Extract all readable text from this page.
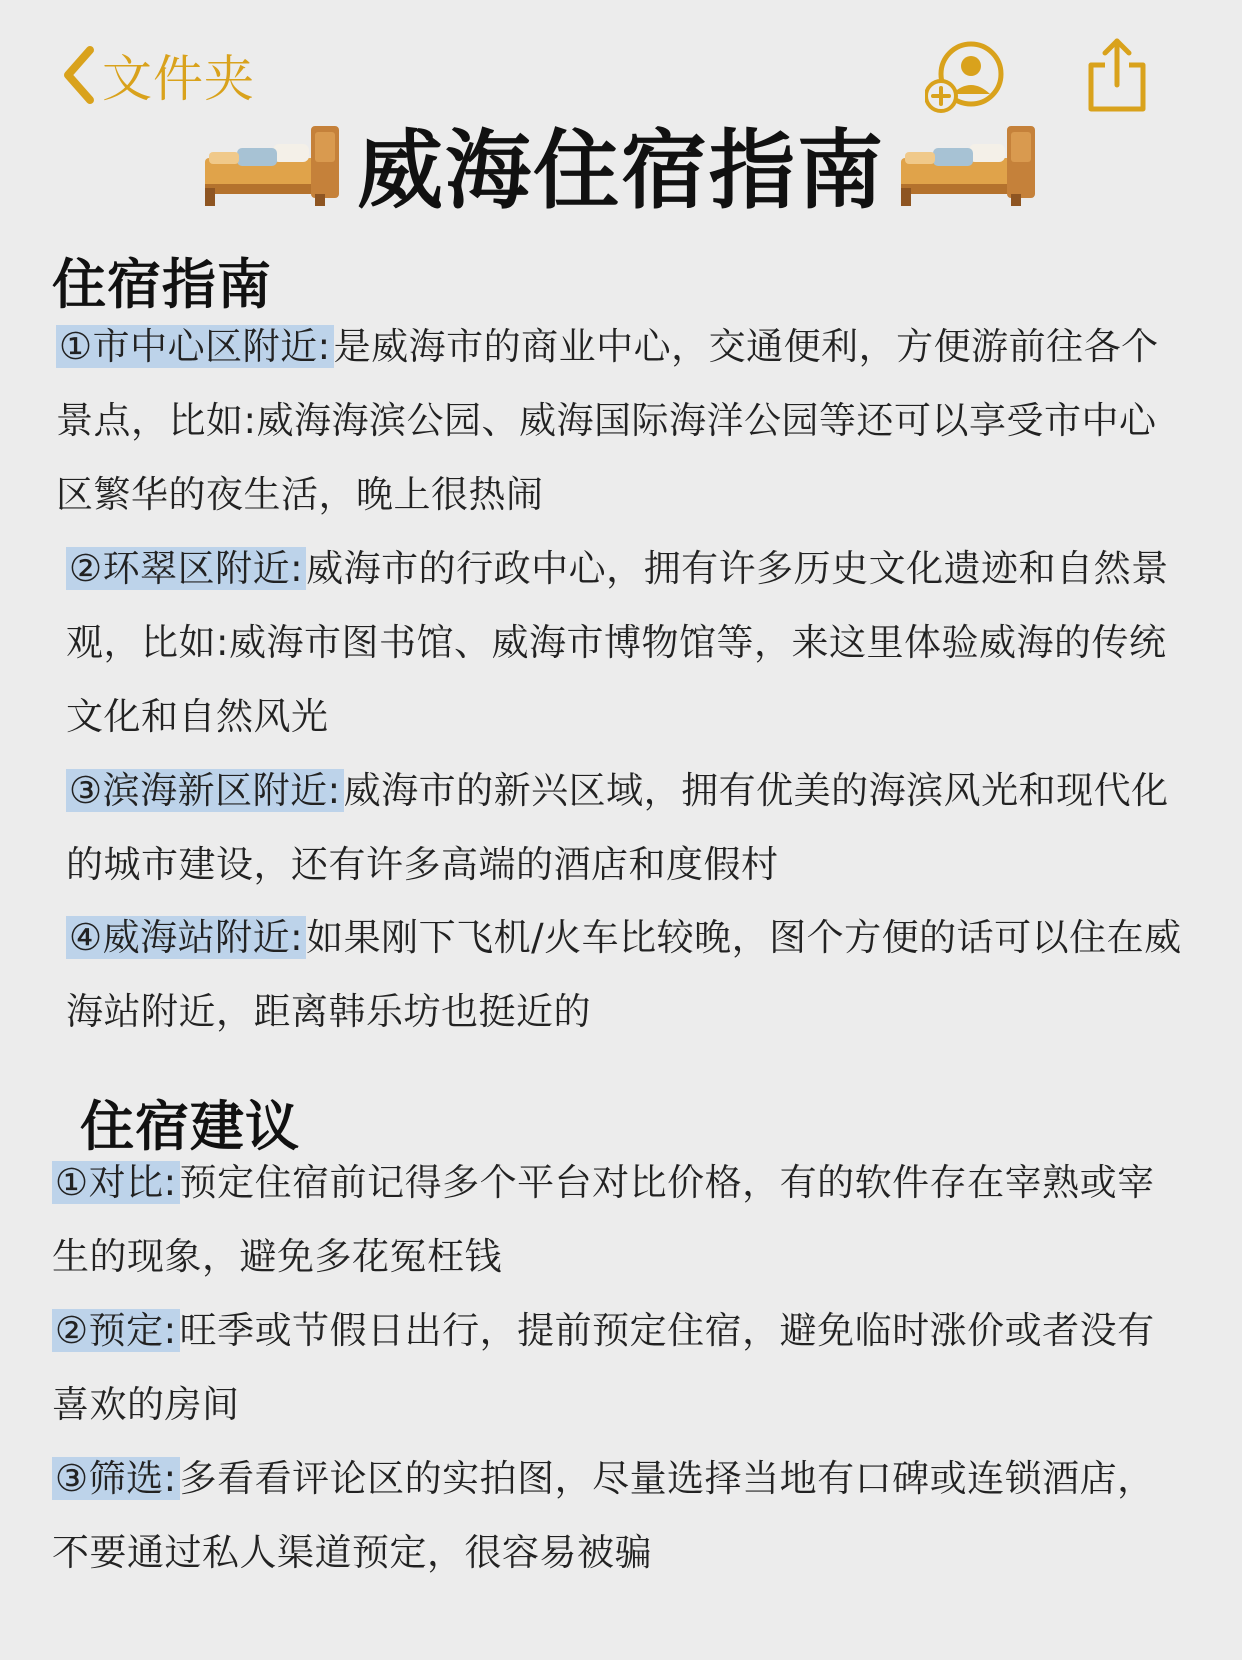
文件夹
威海住宿指南
住宿指南
①市中心区附近:是威海市的商业中心，交通便利，方便游前往各个景点，比如:威海海滨公园、威海国际海洋公园等还可以享受市中心区繁华的夜生活，晚上很热闹
②环翠区附近:威海市的行政中心，拥有许多历史文化遗迹和自然景观，比如:威海市图书馆、威海市博物馆等，来这里体验威海的传统文化和自然风光
③滨海新区附近:威海市的新兴区域，拥有优美的海滨风光和现代化的城市建设，还有许多高端的酒店和度假村
④威海站附近:如果刚下飞机/火车比较晚，图个方便的话可以住在威海站附近，距离韩乐坊也挺近的
住宿建议
①对比:预定住宿前记得多个平台对比价格，有的软件存在宰熟或宰生的现象，避免多花冤枉钱
②预定:旺季或节假日出行，提前预定住宿，避免临时涨价或者没有喜欢的房间
③筛选:多看看评论区的实拍图，尽量选择当地有口碑或连锁酒店，不要通过私人渠道预定，很容易被骗
